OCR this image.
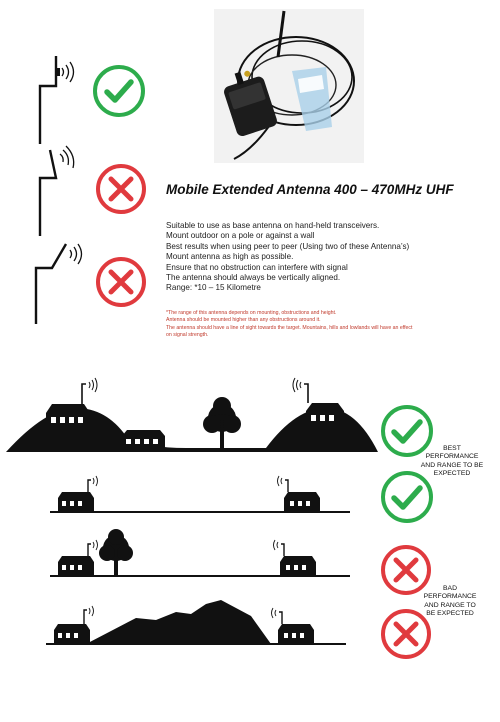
Mobile Extended Antenna 400 – 470MHz UHF
Suitable to use as base antenna on hand-held transceivers.
Mount outdoor on a pole or against a wall
Best results when using peer to peer (Using two of these Antenna’s)
Mount antenna as high as possible.
Ensure that no obstruction can interfere with signal
The antenna should always be vertically aligned.
Range: *10 – 15 Kilometre
*The range of this antenna depends on mounting, obstructions and height.
Antenna should be mounted higher than any obstructions around it.
The antenna should have a line of sight towards the target. Mountains, hills and lowlands will have an effect
on signal strength.
BEST
PERFORMANCE
AND RANGE TO BE
EXPECTED
BAD
PERFORMANCE
AND RANGE TO
BE EXPECTED
